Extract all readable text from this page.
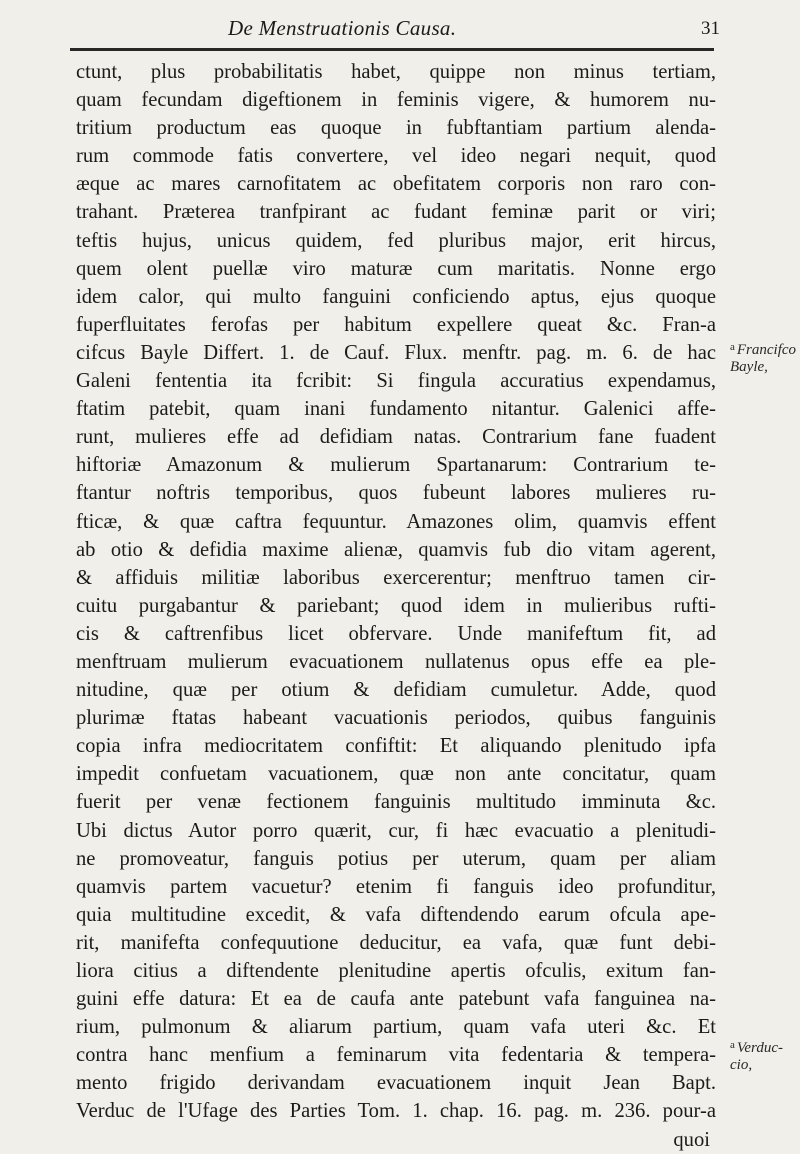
De Menstruationis Causa.	31
ctunt, plus probabilitatis habet, quippe non minus tertiam,
quam fecundam digeftionem in feminis vigere, & humorem nu-
tritium productum eas quoque in fubftantiam partium alenda-
rum commode fatis convertere, vel ideo negari nequit, quod
æque ac mares carnofitatem ac obefitatem corporis non raro con-
trahant. Præterea tranfpirant ac fudant feminæ parit or viri;
teftis hujus, unicus quidem, fed pluribus major, erit hircus,
quem olent puellæ viro maturæ cum maritatis. Nonne ergo
idem calor, qui multo fanguini conficiendo aptus, ejus quoque
fuperfluitates ferofas per habitum expellere queat &c. Fran-a
cifcus Bayle Differt. 1. de Cauf. Flux. menftr. pag. m. 6. de hac
Galeni fententia ita fcribit: Si fingula accuratius expendamus,
ftatim patebit, quam inani fundamento nitantur. Galenici affe-
runt, mulieres effe ad defidiam natas. Contrarium fane fuadent
hiftoriæ Amazonum & mulierum Spartanarum: Contrarium te-
ftantur noftris temporibus, quos fubeunt labores mulieres ru-
fticæ, & quæ caftra fequuntur. Amazones olim, quamvis effent
ab otio & defidia maxime alienæ, quamvis fub dio vitam agerent,
& affiduis militiæ laboribus exercerentur; menftruo tamen cir-
cuitu purgabantur & pariebant; quod idem in mulieribus rufti-
cis & caftrenfibus licet obfervare. Unde manifeftum fit, ad
menftruam mulierum evacuationem nullatenus opus effe ea ple-
nitudine, quæ per otium & defidiam cumuletur. Adde, quod
plurimæ ftatas habeant vacuationis periodos, quibus fanguinis
copia infra mediocritatem confiftit: Et aliquando plenitudo ipfa
impedit confuetam vacuationem, quæ non ante concitatur, quam
fuerit per venæ fectionem fanguinis multitudo imminuta &c.
Ubi dictus Autor porro quærit, cur, fi hæc evacuatio a plenitudi-
ne promoveatur, fanguis potius per uterum, quam per aliam
quamvis partem vacuetur? etenim fi fanguis ideo profunditur,
quia multitudine excedit, & vafa diftendendo earum ofcula ape-
rit, manifefta confequutione deducitur, ea vafa, quæ funt debi-
liora citius a diftendente plenitudine apertis ofculis, exitum fan-
guini effe datura: Et ea de caufa ante patebunt vafa fanguinea na-
rium, pulmonum & aliarum partium, quam vafa uteri &c. Et
contra hanc menfium a feminarum vita fedentaria & tempera-
mento frigido derivandam evacuationem inquit Jean Bapt.
Verduc de l'Ufage des Parties Tom. 1. chap. 16. pag. m. 236. pour-a
quoi
$^a$ Francifco Bayle,
$^a$ Verduc- cio,
